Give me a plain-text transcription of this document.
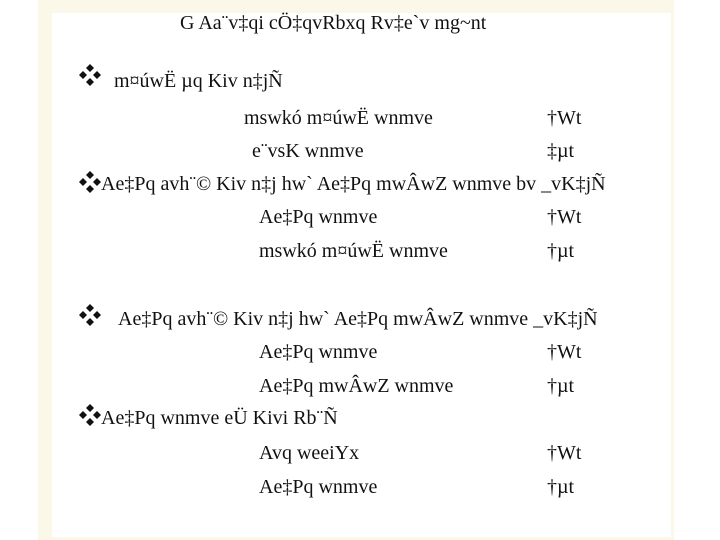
G Aa¨v‡qi cÖ‡qvRbxq Rv‡e`v mg~nt
m¤úwË µq Kiv n‡jÑ
mswkó m¤úwË wnmve	†Wt
e¨vsK wnmve	‡µt
Ae‡Pq avh¨© Kiv n‡j hw` Ae‡Pq mwÂwZ wnmve bv _vK‡jÑ
Ae‡Pq wnmve	†Wt
mswkó m¤úwË wnmve	†µt
Ae‡Pq avh¨© Kiv n‡j hw` Ae‡Pq mwÂwZ wnmve _vK‡jÑ
Ae‡Pq wnmve	†Wt
Ae‡Pq mwÂwZ wnmve	†µt
Ae‡Pq wnmve eÜ Kivi Rb¨Ñ
Avq weeiYx	†Wt
Ae‡Pq wnmve	†µt
